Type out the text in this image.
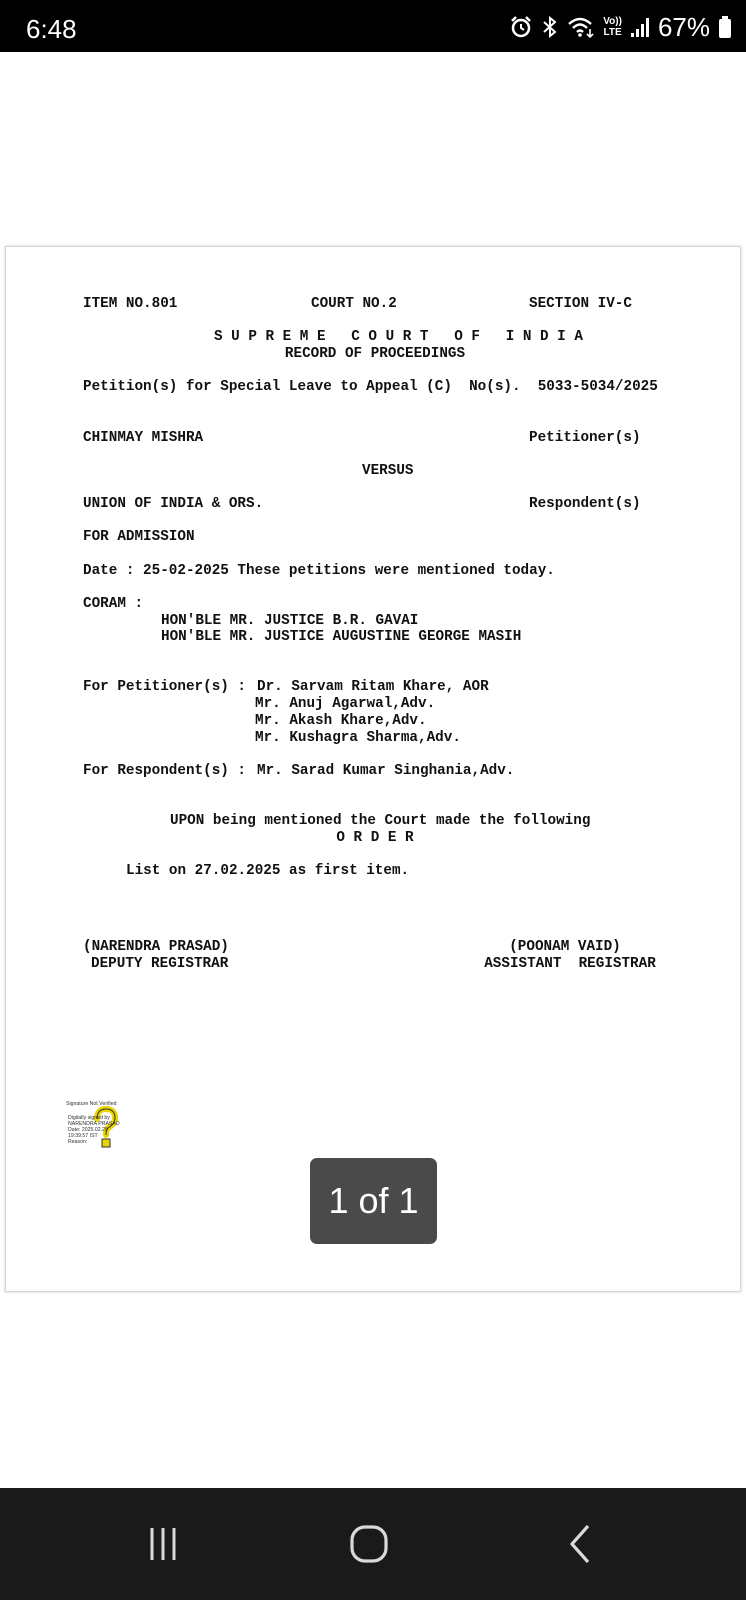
6:48	Vo))
LTE 67%
ITEM NO.801	COURT NO.2	SECTION IV-C
S U P R E M E   C O U R T   O F   I N D I A
RECORD OF PROCEEDINGS
Petition(s) for Special Leave to Appeal (C)  No(s).  5033-5034/2025
CHINMAY MISHRA	Petitioner(s)
VERSUS
UNION OF INDIA & ORS.	Respondent(s)
FOR ADMISSION
Date : 25-02-2025 These petitions were mentioned today.
CORAM :
HON'BLE MR. JUSTICE B.R. GAVAI
HON'BLE MR. JUSTICE AUGUSTINE GEORGE MASIH
For Petitioner(s) : Dr. Sarvam Ritam Khare, AOR
Mr. Anuj Agarwal,Adv.
Mr. Akash Khare,Adv.
Mr. Kushagra Sharma,Adv.
For Respondent(s) : Mr. Sarad Kumar Singhania,Adv.
UPON being mentioned the Court made the following
O R D E R
List on 27.02.2025 as first item.
(NARENDRA PRASAD)
DEPUTY REGISTRAR
(POONAM VAID)
ASSISTANT  REGISTRAR
Signature Not Verified
Digitally signed by
NARENDRA PRASAD
Date: 2025.02.25
19:39:57 IST
Reason:
1 of 1
